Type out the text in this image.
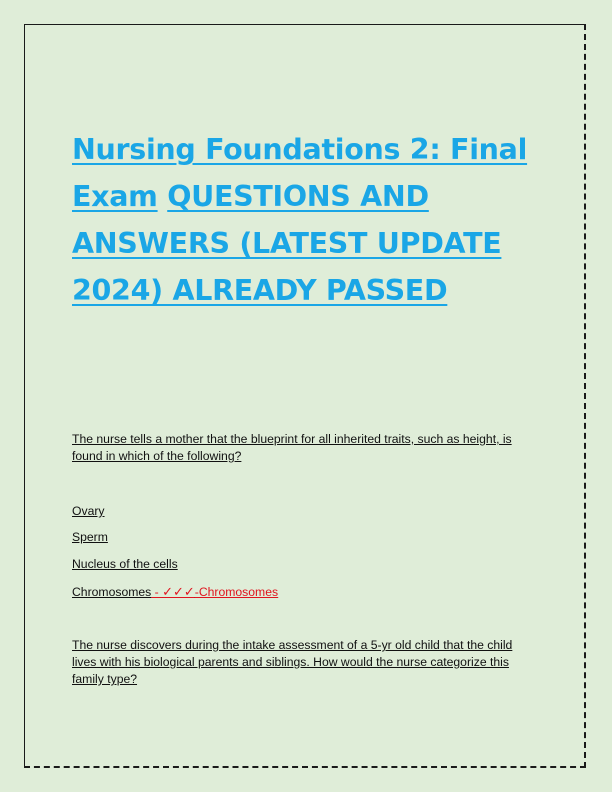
Nursing Foundations 2: Final Exam QUESTIONS AND ANSWERS (LATEST UPDATE 2024) ALREADY PASSED

The nurse tells a mother that the blueprint for all inherited traits, such as height, is found in which of the following?

Ovary

Sperm

Nucleus of the cells

Chromosomes - ✓✓✓-Chromosomes

The nurse discovers during the intake assessment of a 5-yr old child that the child lives with his biological parents and siblings. How would the nurse categorize this family type?
